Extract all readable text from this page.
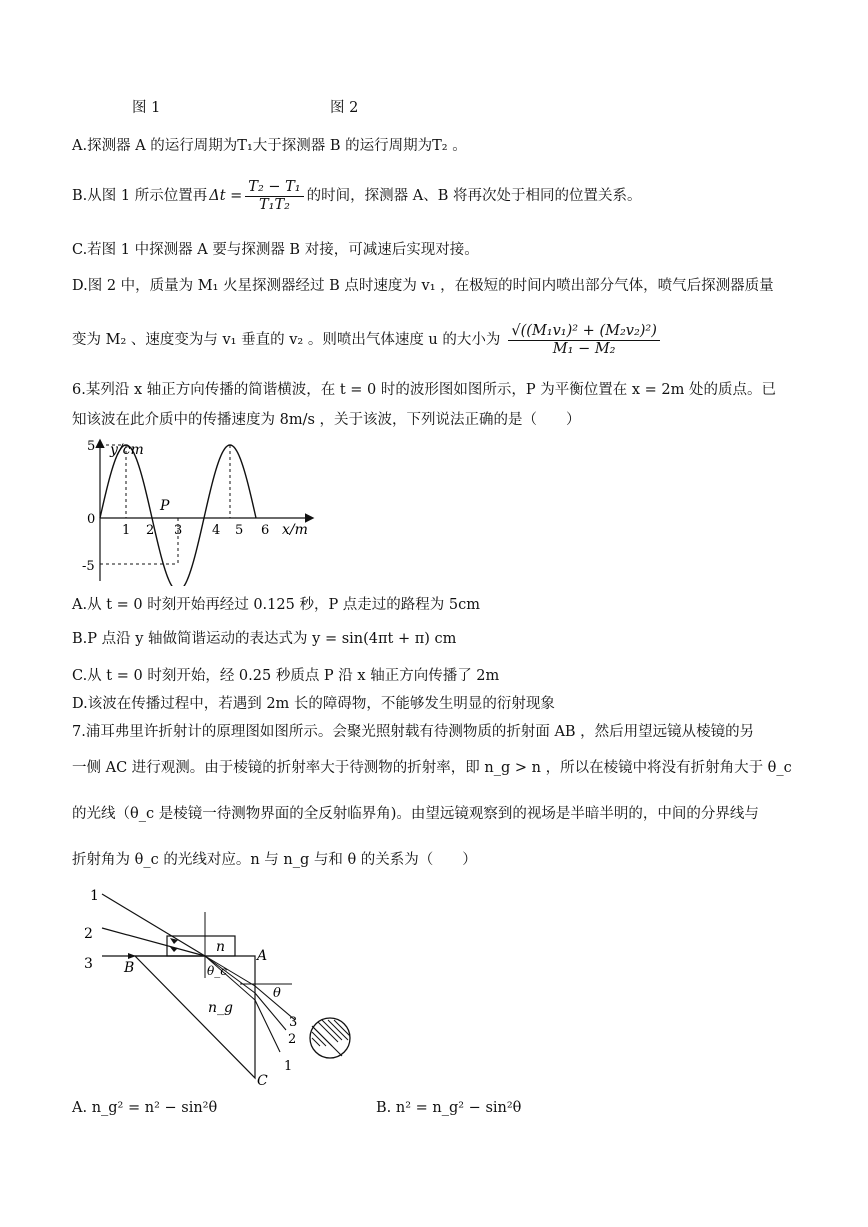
图 1	图 2
A.探测器 A 的运行周期为T₁大于探测器 B 的运行周期为T₂ 。
B.从图 1 所示位置再 $\Delta t = \frac{\text{T₂ − T₁}}{\text{T₁T₂}}$ 的时间，探测器 A、B 将再次处于相同的位置关系。
C.若图 1 中探测器 A 要与探测器 B 对接，可减速后实现对接。
D.图 2 中，质量为 M₁ 火星探测器经过 B 点时速度为 v₁ ，在极短的时间内喷出部分气体，喷气后探测器质量
变为 M₂ 、速度变为与 v₁ 垂直的 v₂ 。则喷出气体速度 u 的大小为 $\frac{\text{√((M₁v₁)² + (M₂v₂)²)}}{\text{M₁ − M₂}}$
6.某列沿 x 轴正方向传播的简谐横波，在 t = 0 时的波形图如图所示，P 为平衡位置在 x = 2m 处的质点。已
知该波在此介质中的传播速度为 8m/s ，关于该波，下列说法正确的是（　　）
y/cm
x/m
0
5
-5
1 2 3 4 5 6
P
A.从 t = 0 时刻开始再经过 0.125 秒，P 点走过的路程为 5cm
B.P 点沿 y 轴做简谐运动的表达式为 y = sin(4πt + π) cm
C.从 t = 0 时刻开始，经 0.25 秒质点 P 沿 x 轴正方向传播了 2m
D.该波在传播过程中，若遇到 2m 长的障碍物，不能够发生明显的衍射现象
7.浦耳弗里许折射计的原理图如图所示。会聚光照射载有待测物质的折射面 AB ，然后用望远镜从棱镜的另
一侧 AC 进行观测。由于棱镜的折射率大于待测物的折射率，即 n_g > n ，所以在棱镜中将没有折射角大于 θ_c
的光线（θ_c 是棱镜一待测物界面的全反射临界角)。由望远镜观察到的视场是半暗半明的，中间的分界线与
折射角为 θ_c 的光线对应。n 与 n_g 与和 θ 的关系为（　　）
1
2
3 B
A
C
n
n_g
θ_c
θ
3
2
1
A. n_g² = n² − sin²θ	B. n² = n_g² − sin²θ
